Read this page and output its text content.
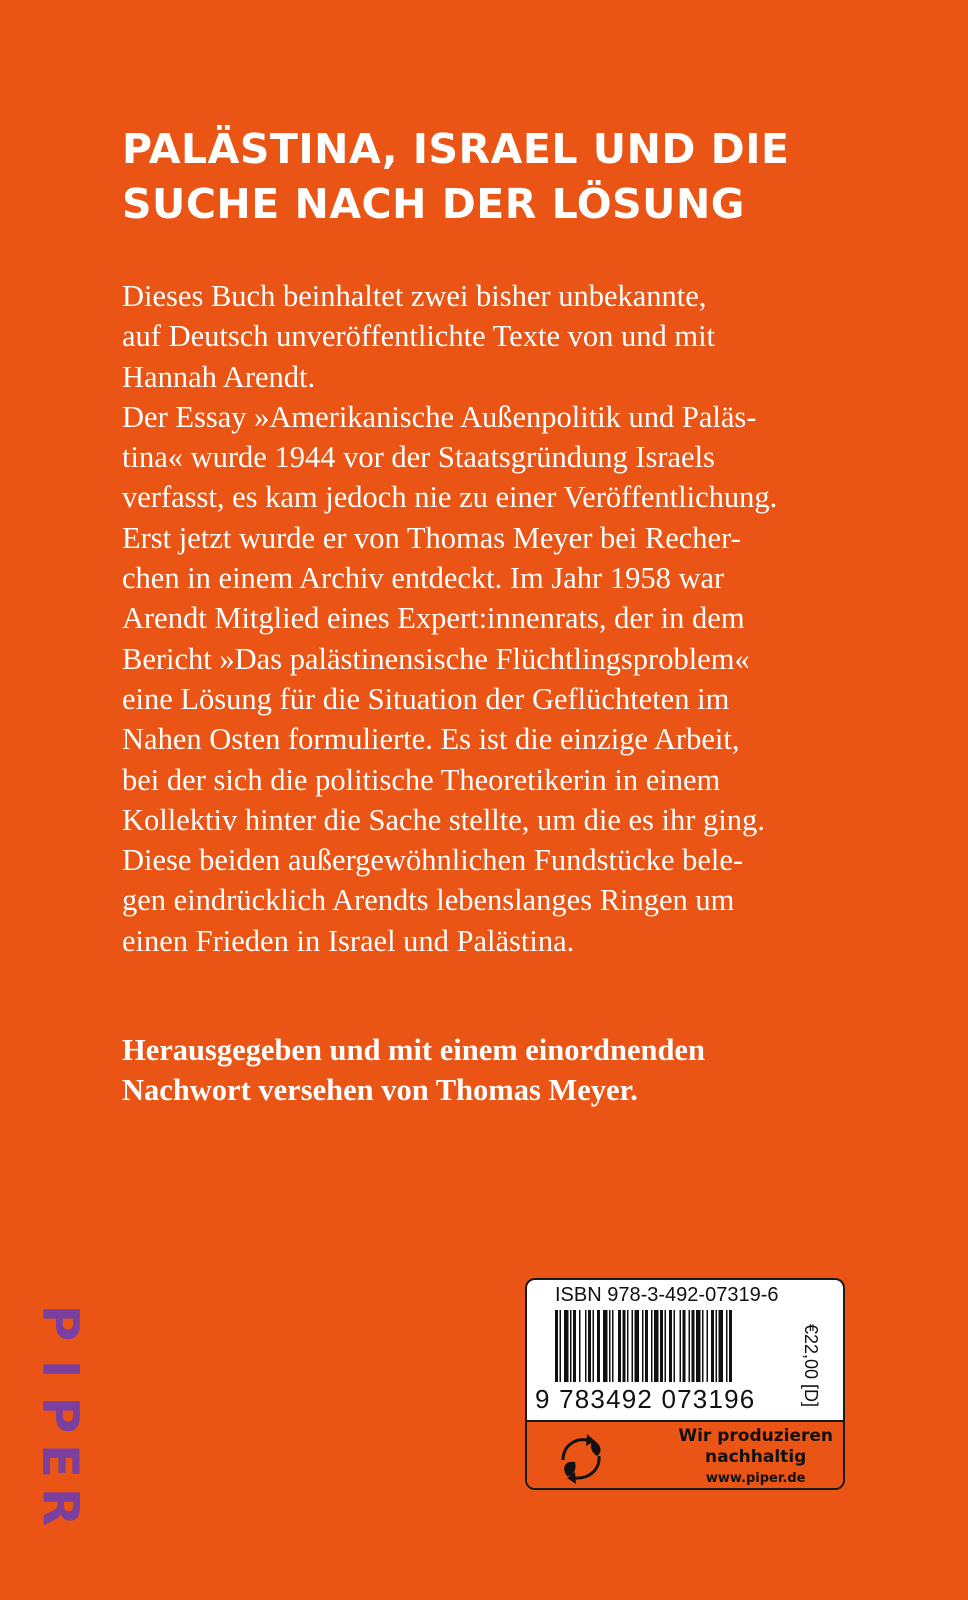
PALÄSTINA, ISRAEL UND DIE
SUCHE NACH DER LÖSUNG
Dieses Buch beinhaltet zwei bisher unbekannte,
auf Deutsch unveröffentlichte Texte von und mit
Hannah Arendt.
Der Essay »Amerikanische Außenpolitik und Paläs-
tina« wurde 1944 vor der Staatsgründung Israels
verfasst, es kam jedoch nie zu einer Veröffentlichung.
Erst jetzt wurde er von Thomas Meyer bei Recher-
chen in einem Archiv entdeckt. Im Jahr 1958 war
Arendt Mitglied eines Expert:innenrats, der in dem
Bericht »Das palästinensische Flüchtlingsproblem«
eine Lösung für die Situation der Geflüchteten im
Nahen Osten formulierte. Es ist die einzige Arbeit,
bei der sich die politische Theoretikerin in einem
Kollektiv hinter die Sache stellte, um die es ihr ging.
Diese beiden außergewöhnlichen Fundstücke bele-
gen eindrücklich Arendts lebenslanges Ringen um
einen Frieden in Israel und Palästina.
Herausgegeben und mit einem einordnenden
Nachwort versehen von Thomas Meyer.
P
I
P
E
R
ISBN 978-3-492-07319-6
9 783492 073196	€22,00 [D]
Wir produzieren
nachhaltig
www.piper.de
